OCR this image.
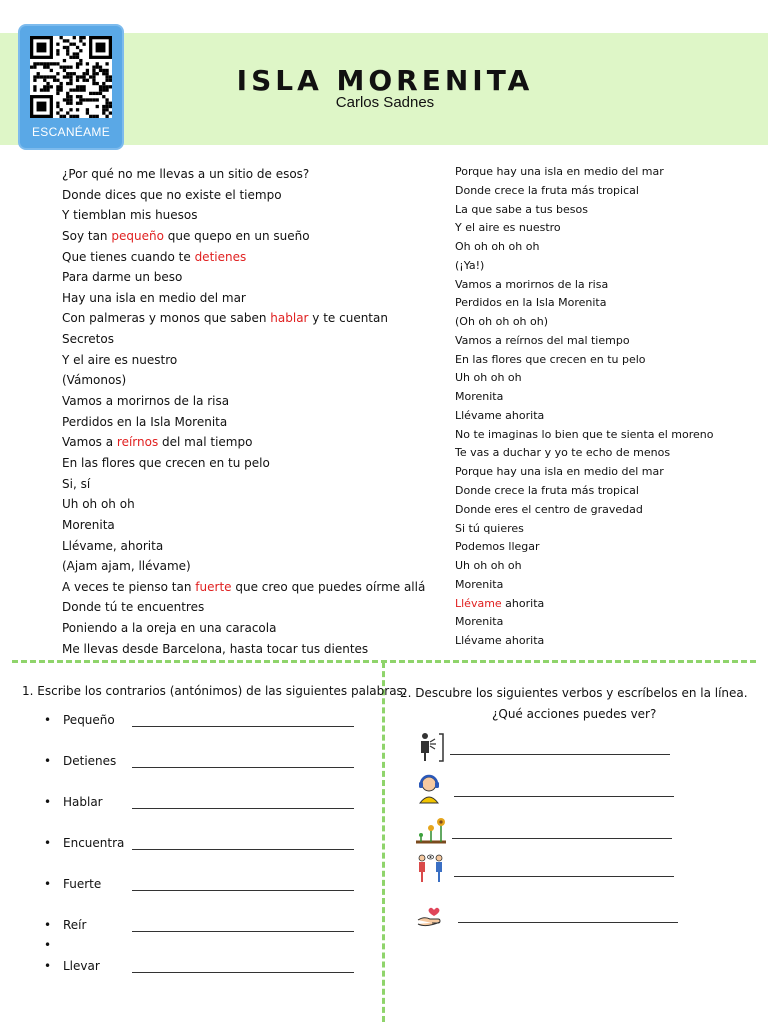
ESCANÉAME
ISLA MORENITA
Carlos Sadnes
¿Por qué no me llevas a un sitio de esos?
Donde dices que no existe el tiempo
Y tiemblan mis huesos
Soy tan pequeño que quepo en un sueño
Que tienes cuando te detienes
Para darme un beso
Hay una isla en medio del mar
Con palmeras y monos que saben hablar y te cuentan
Secretos
Y el aire es nuestro
(Vámonos)
Vamos a morirnos de la risa
Perdidos en la Isla Morenita
Vamos a reírnos del mal tiempo
En las flores que crecen en tu pelo
Si, sí
Uh oh oh oh
Morenita
Llévame, ahorita
(Ajam ajam, llévame)
A veces te pienso tan fuerte que creo que puedes oírme allá
Donde tú te encuentres
Poniendo a la oreja en una caracola
Me llevas desde Barcelona, hasta tocar tus dientes
Porque hay una isla en medio del mar
Donde crece la fruta más tropical
La que sabe a tus besos
Y el aire es nuestro
Oh oh oh oh oh
(¡Ya!)
Vamos a morirnos de la risa
Perdidos en la Isla Morenita
(Oh oh oh oh oh)
Vamos a reírnos del mal tiempo
En las flores que crecen en tu pelo
Uh oh oh oh
Morenita
Llévame ahorita
No te imaginas lo bien que te sienta el moreno
Te vas a duchar y yo te echo de menos
Porque hay una isla en medio del mar
Donde crece la fruta más tropical
Donde eres el centro de gravedad
Si tú quieres
Podemos llegar
Uh oh oh oh
Morenita
Llévame ahorita
Morenita
Llévame ahorita
1. Escribe los contrarios (antónimos) de las siguientes palabras.
• Pequeño
• Detienes
• Hablar
• Encuentra
• Fuerte
• Reír
• Llevar
•
2. Descubre los siguientes verbos y escríbelos en la línea.
¿Qué acciones puedes ver?
